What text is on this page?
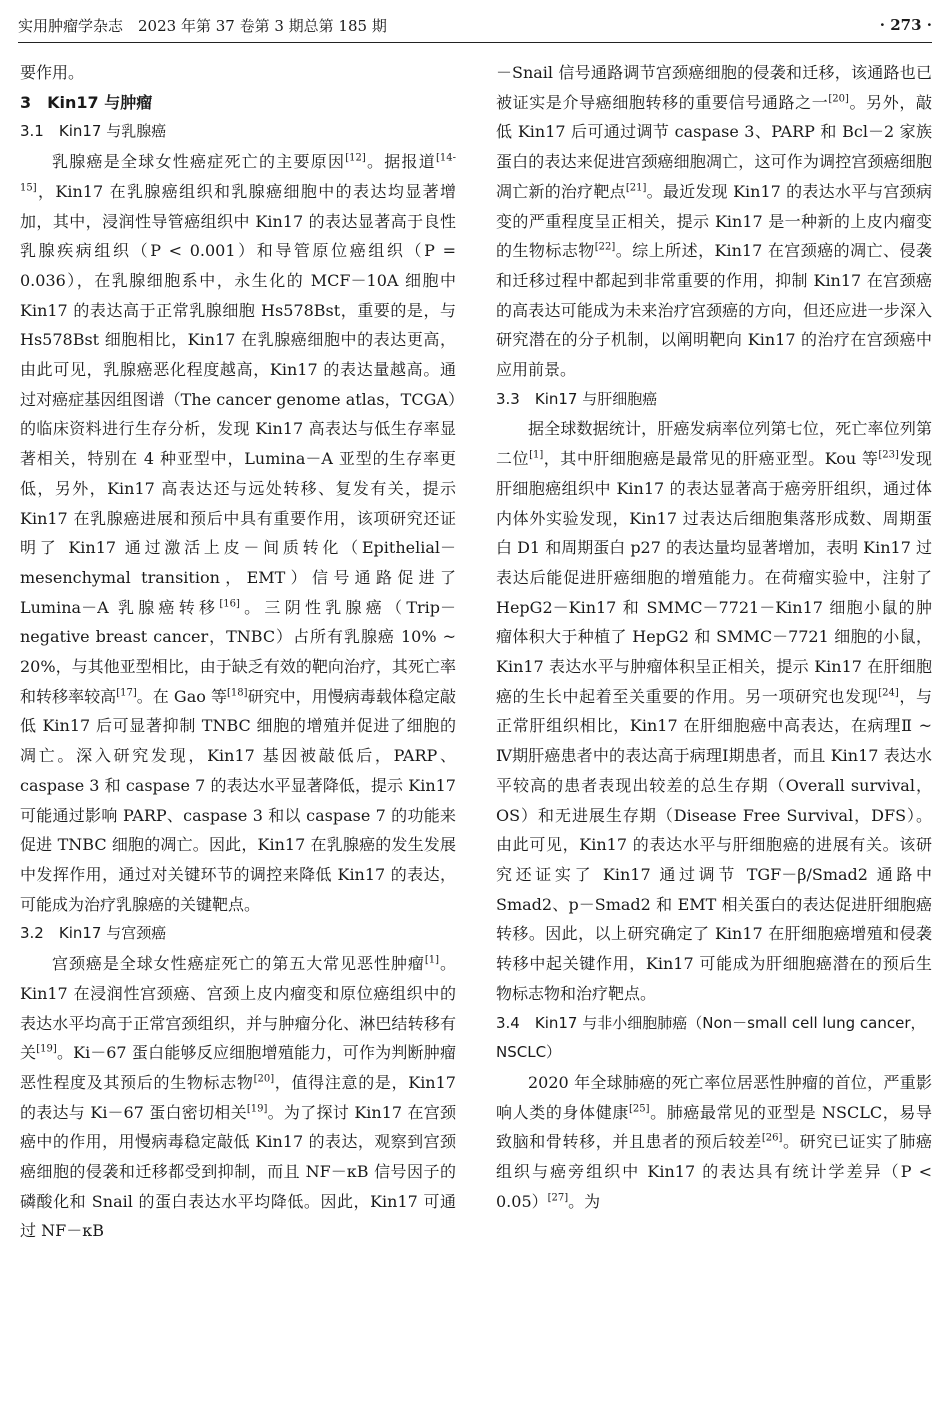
实用肿瘤学杂志　2023 年第 37 卷第 3 期总第 185 期	· 273 ·

要作用。

3　Kin17 与肿瘤
3.1　Kin17 与乳腺癌

乳腺癌是全球女性癌症死亡的主要原因[12]。据报道[14-15]，Kin17 在乳腺癌组织和乳腺癌细胞中的表达均显著增加，其中，浸润性导管癌组织中 Kin17 的表达显著高于良性乳腺疾病组织（P < 0.001）和导管原位癌组织（P = 0.036），在乳腺细胞系中，永生化的 MCF－10A 细胞中 Kin17 的表达高于正常乳腺细胞 Hs578Bst，重要的是，与 Hs578Bst 细胞相比，Kin17 在乳腺癌细胞中的表达更高，由此可见，乳腺癌恶化程度越高，Kin17 的表达量越高。通过对癌症基因组图谱（The cancer genome atlas，TCGA）的临床资料进行生存分析，发现 Kin17 高表达与低生存率显著相关，特别在 4 种亚型中，Lumina－A 亚型的生存率更低，另外，Kin17 高表达还与远处转移、复发有关，提示 Kin17 在乳腺癌进展和预后中具有重要作用，该项研究还证明了 Kin17 通过激活上皮－间质转化（Epithelial－mesenchymal transition，EMT）信号通路促进了 Lumina－A 乳腺癌转移[16]。三阴性乳腺癌（Trip－negative breast cancer，TNBC）占所有乳腺癌 10% ~ 20%，与其他亚型相比，由于缺乏有效的靶向治疗，其死亡率和转移率较高[17]。在 Gao 等[18]研究中，用慢病毒载体稳定敲低 Kin17 后可显著抑制 TNBC 细胞的增殖并促进了细胞的凋亡。深入研究发现，Kin17 基因被敲低后，PARP、caspase 3 和 caspase 7 的表达水平显著降低，提示 Kin17 可能通过影响 PARP、caspase 3 和以 caspase 7 的功能来促进 TNBC 细胞的凋亡。因此，Kin17 在乳腺癌的发生发展中发挥作用，通过对关键环节的调控来降低 Kin17 的表达，可能成为治疗乳腺癌的关键靶点。

3.2　Kin17 与宫颈癌

宫颈癌是全球女性癌症死亡的第五大常见恶性肿瘤[1]。Kin17 在浸润性宫颈癌、宫颈上皮内瘤变和原位癌组织中的表达水平均高于正常宫颈组织，并与肿瘤分化、淋巴结转移有关[19]。Ki－67 蛋白能够反应细胞增殖能力，可作为判断肿瘤恶性程度及其预后的生物标志物[20]，值得注意的是，Kin17 的表达与 Ki－67 蛋白密切相关[19]。为了探讨 Kin17 在宫颈癌中的作用，用慢病毒稳定敲低 Kin17 的表达，观察到宫颈癌细胞的侵袭和迁移都受到抑制，而且 NF－κB 信号因子的磷酸化和 Snail 的蛋白表达水平均降低。因此，Kin17 可通过 NF－κB

－Snail 信号通路调节宫颈癌细胞的侵袭和迁移，该通路也已被证实是介导癌细胞转移的重要信号通路之一[20]。另外，敲低 Kin17 后可通过调节 caspase 3、PARP 和 Bcl－2 家族蛋白的表达来促进宫颈癌细胞凋亡，这可作为调控宫颈癌细胞凋亡新的治疗靶点[21]。最近发现 Kin17 的表达水平与宫颈病变的严重程度呈正相关，提示 Kin17 是一种新的上皮内瘤变的生物标志物[22]。综上所述，Kin17 在宫颈癌的凋亡、侵袭和迁移过程中都起到非常重要的作用，抑制 Kin17 在宫颈癌的高表达可能成为未来治疗宫颈癌的方向，但还应进一步深入研究潜在的分子机制，以阐明靶向 Kin17 的治疗在宫颈癌中应用前景。

3.3　Kin17 与肝细胞癌

据全球数据统计，肝癌发病率位列第七位，死亡率位列第二位[1]，其中肝细胞癌是最常见的肝癌亚型。Kou 等[23]发现肝细胞癌组织中 Kin17 的表达显著高于癌旁肝组织，通过体内体外实验发现，Kin17 过表达后细胞集落形成数、周期蛋白 D1 和周期蛋白 p27 的表达量均显著增加，表明 Kin17 过表达后能促进肝癌细胞的增殖能力。在荷瘤实验中，注射了 HepG2－Kin17 和 SMMC－7721－Kin17 细胞小鼠的肿瘤体积大于种植了 HepG2 和 SMMC－7721 细胞的小鼠，Kin17 表达水平与肿瘤体积呈正相关，提示 Kin17 在肝细胞癌的生长中起着至关重要的作用。另一项研究也发现[24]，与正常肝组织相比，Kin17 在肝细胞癌中高表达，在病理Ⅱ ~ Ⅳ期肝癌患者中的表达高于病理Ⅰ期患者，而且 Kin17 表达水平较高的患者表现出较差的总生存期（Overall survival，OS）和无进展生存期（Disease Free Survival，DFS）。由此可见，Kin17 的表达水平与肝细胞癌的进展有关。该研究还证实了 Kin17 通过调节 TGF－β/Smad2 通路中 Smad2、p－Smad2 和 EMT 相关蛋白的表达促进肝细胞癌转移。因此，以上研究确定了 Kin17 在肝细胞癌增殖和侵袭转移中起关键作用，Kin17 可能成为肝细胞癌潜在的预后生物标志物和治疗靶点。

3.4　Kin17 与非小细胞肺癌（Non－small cell lung cancer，NSCLC）

2020 年全球肺癌的死亡率位居恶性肿瘤的首位，严重影响人类的身体健康[25]。肺癌最常见的亚型是 NSCLC，易导致脑和骨转移，并且患者的预后较差[26]。研究已证实了肺癌组织与癌旁组织中 Kin17 的表达具有统计学差异（P < 0.05）[27]。为
